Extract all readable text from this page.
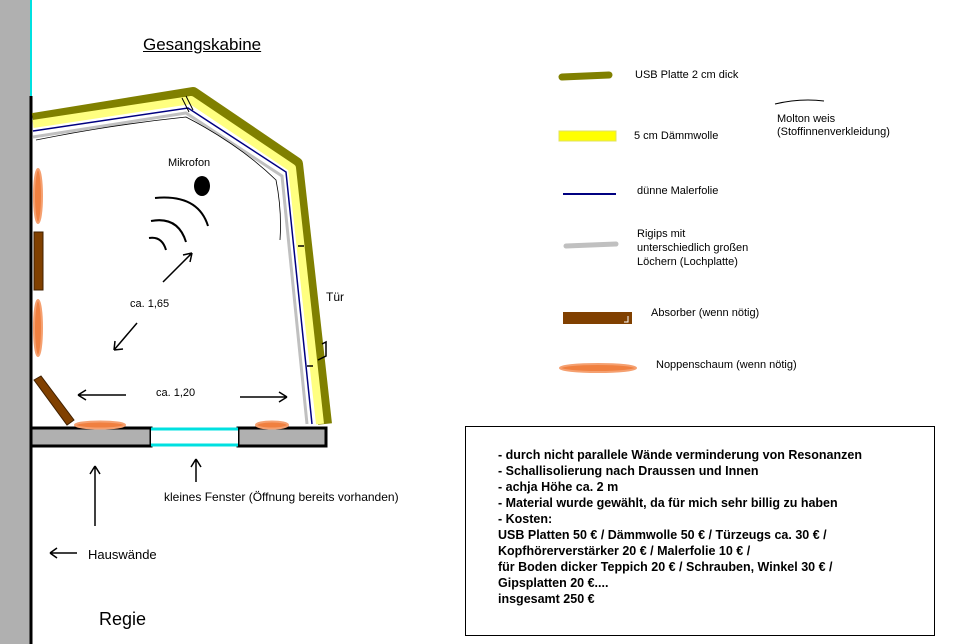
Gesangskabine
Mikrofon
Tür
ca. 1,65
ca. 1,20
kleines Fenster (Öffnung bereits vorhanden)
Hauswände
Regie
USB Platte 2 cm dick
5 cm Dämmwolle
dünne Malerfolie
Rigips mit
unterschiedlich großen
Löchern (Lochplatte)
Absorber (wenn nötig)
Noppenschaum (wenn nötig)
Molton weis
(Stoffinnenverkleidung)
- durch nicht parallele Wände verminderung von Resonanzen
- Schallisolierung nach Draussen und Innen
- achja Höhe ca. 2 m
- Material wurde gewählt, da für mich sehr billig zu haben
- Kosten:
USB Platten 50 € / Dämmwolle 50 € / Türzeugs ca. 30 € /
Kopfhörerverstärker 20 € / Malerfolie 10 € /
für Boden dicker Teppich 20 € / Schrauben, Winkel 30 € /
Gipsplatten 20 €....
insgesamt 250 €
